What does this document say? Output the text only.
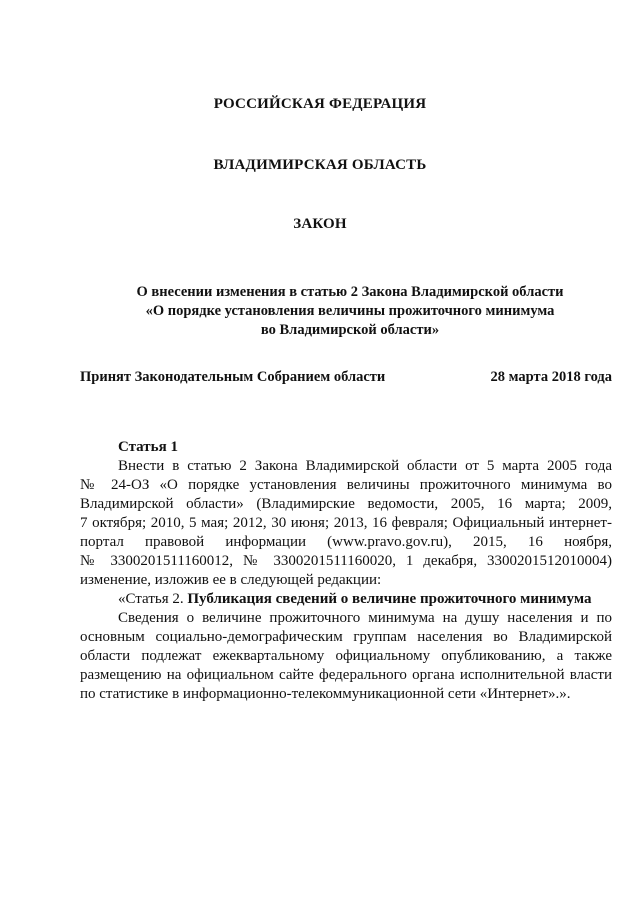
РОССИЙСКАЯ ФЕДЕРАЦИЯ
ВЛАДИМИРСКАЯ ОБЛАСТЬ
ЗАКОН
О внесении изменения в статью 2 Закона Владимирской области
«О порядке установления величины прожиточного минимума
во Владимирской области»
Принят Законодательным Собранием области	28 марта 2018 года
Статья 1
Внести в статью 2 Закона Владимирской области от 5 марта 2005 года
№ 24-ОЗ «О порядке установления величины прожиточного минимума во
Владимирской области» (Владимирские ведомости, 2005, 16 марта; 2009,
7 октября; 2010, 5 мая; 2012, 30 июня; 2013, 16 февраля; Официальный интернет-
портал правовой информации (www.pravo.gov.ru), 2015, 16 ноября,
№ 3300201511160012, № 3300201511160020, 1 декабря, 3300201512010004)
изменение, изложив ее в следующей редакции:
«Статья 2. Публикация сведений о величине прожиточного минимума
Сведения о величине прожиточного минимума на душу населения и по
основным социально-демографическим группам населения во Владимирской
области подлежат ежеквартальному официальному опубликованию, а также
размещению на официальном сайте федерального органа исполнительной власти
по статистике в информационно-телекоммуникационной сети «Интернет».».
